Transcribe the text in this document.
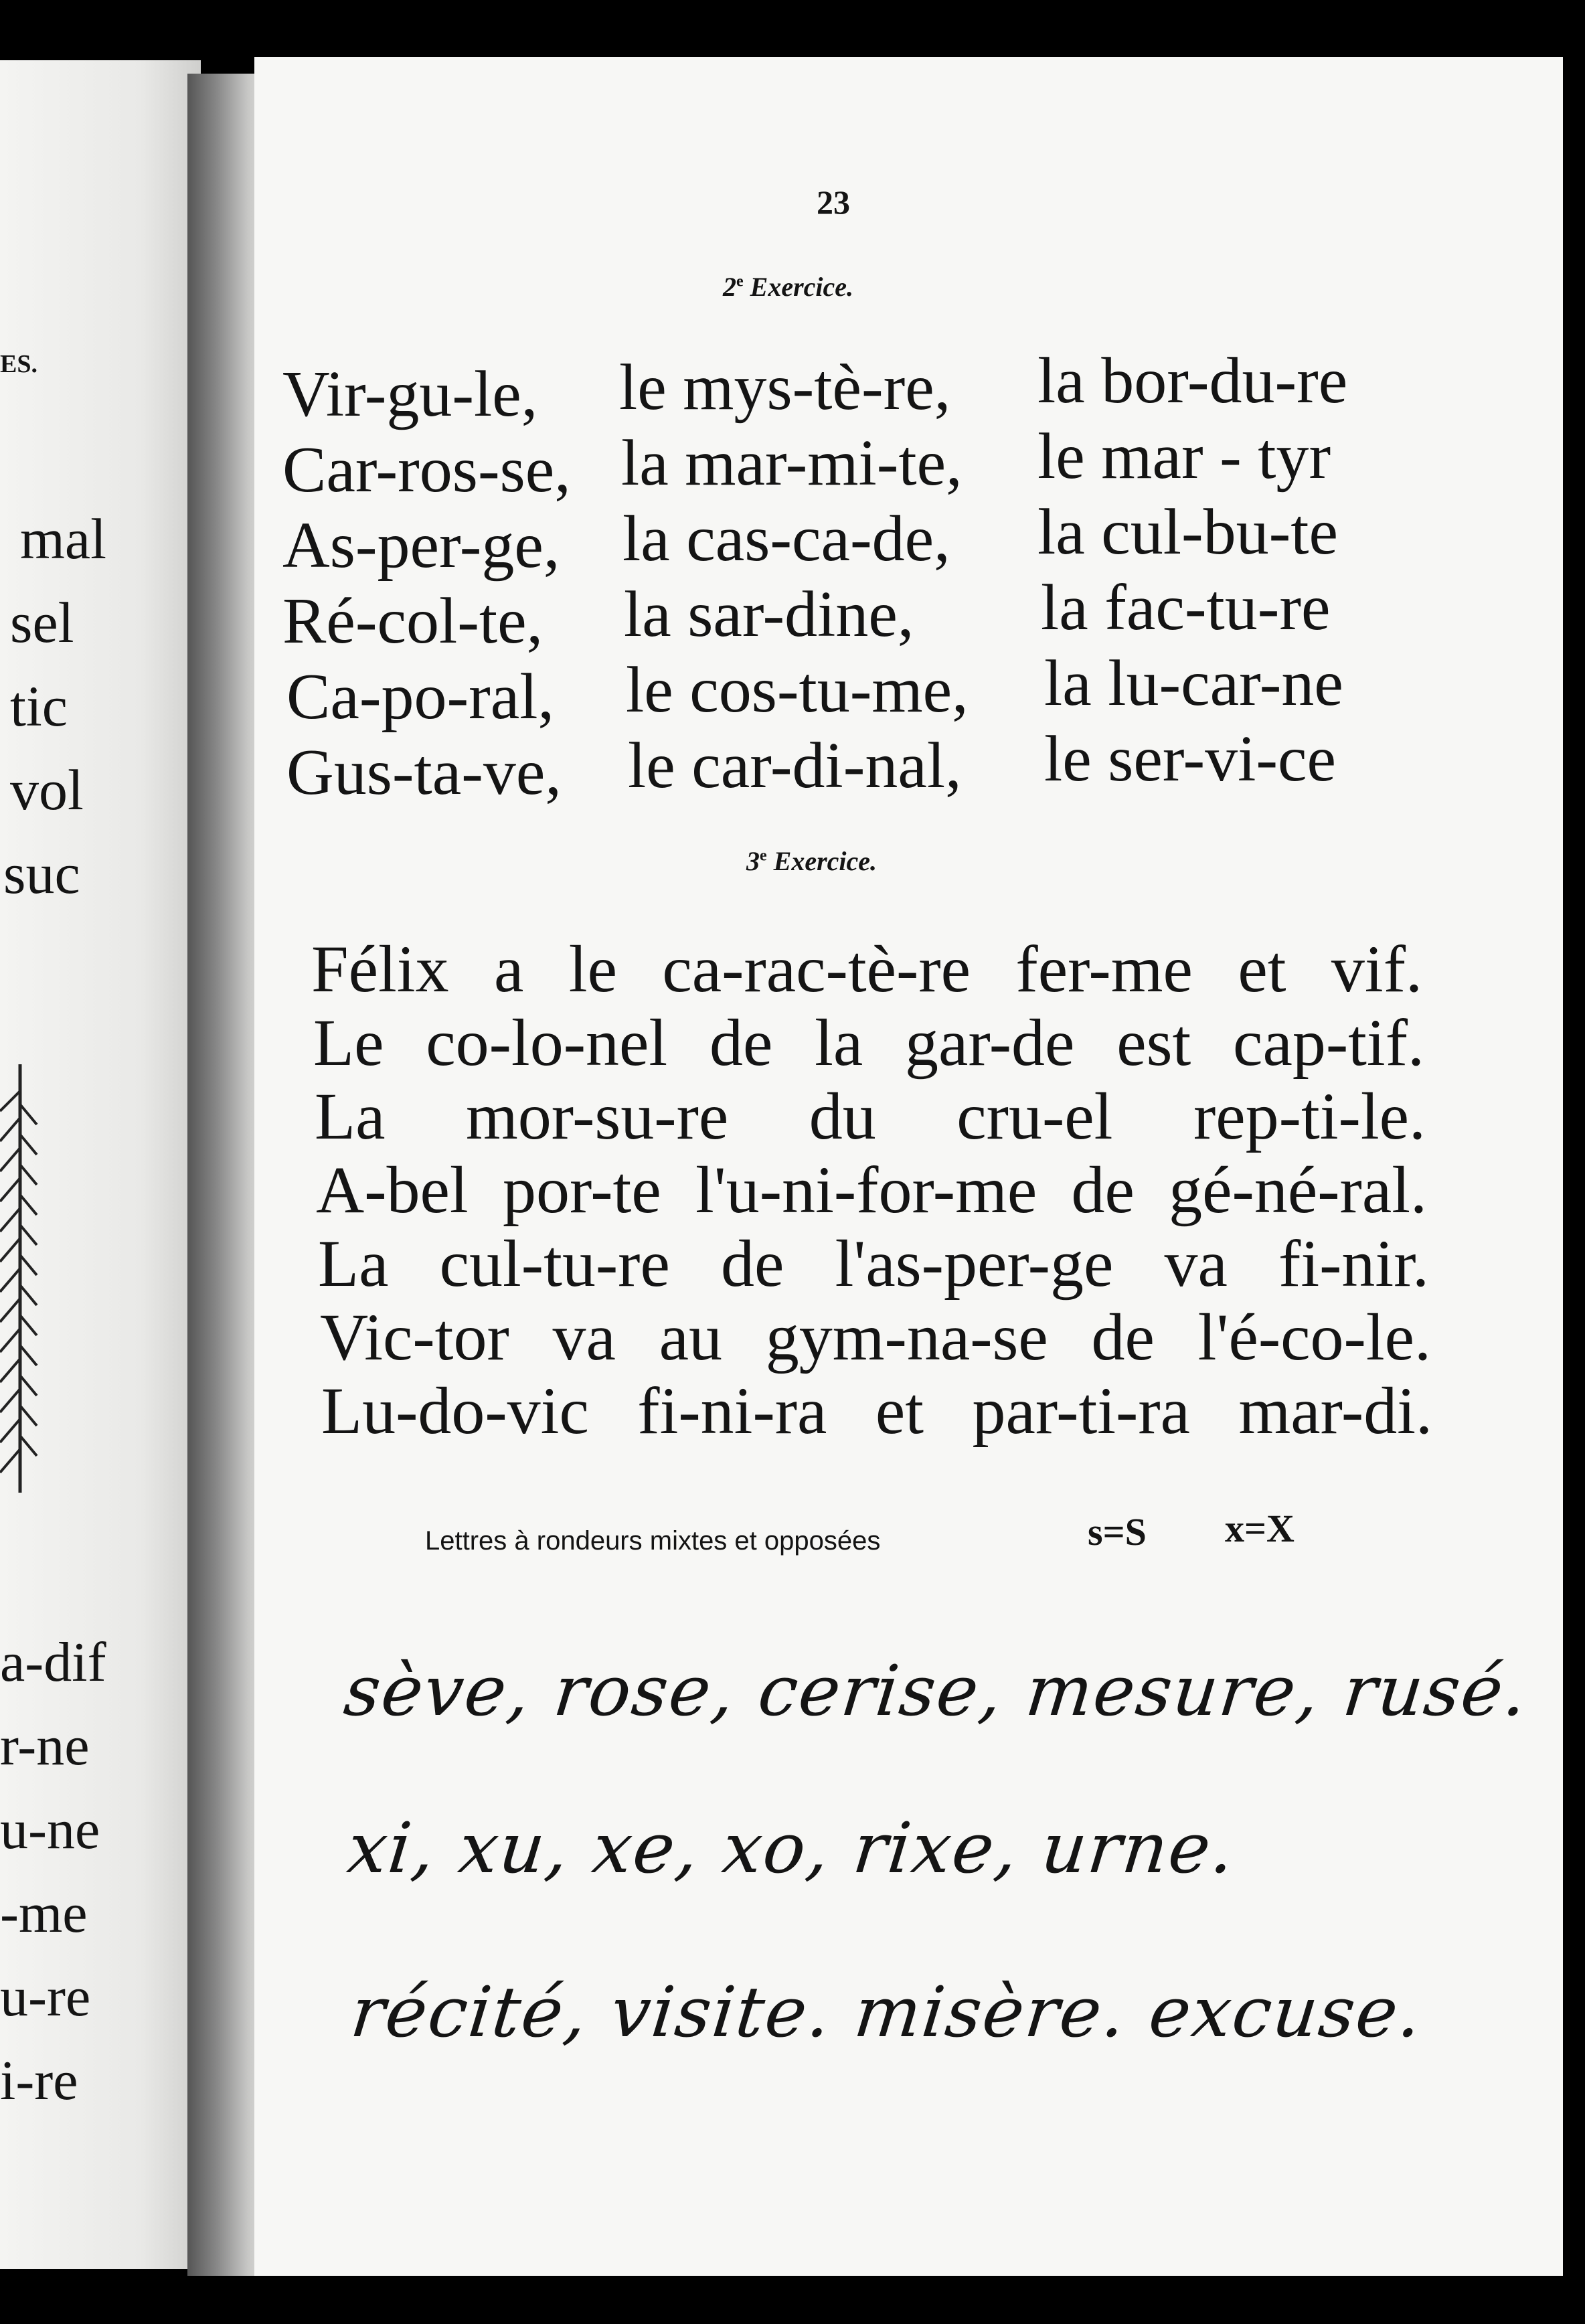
ES.
mal
sel
tic
vol
suc
a-dif
r-ne
u-ne
-me
u-re
i-re
23
2e Exercice.
Vir-gu-le, le mys-tè-re, la bor-du-re
Car-ros-se, la mar-mi-te, le mar - tyr
As-per-ge, la cas-ca-de, la cul-bu-te
Ré-col-te, la sar-dine, la fac-tu-re
Ca-po-ral, le cos-tu-me, la lu-car-ne
Gus-ta-ve, le car-di-nal, le ser-vi-ce
3e Exercice.
Félix a le ca-rac-tè-re fer-me et vif.
Le co-lo-nel de la gar-de est cap-tif.
La mor-su-re du cru-el rep-ti-le.
A-bel por-te l'u-ni-for-me de gé-né-ral.
La cul-tu-re de l'as-per-ge va fi-nir.
Vic-tor va au gym-na-se de l'é-co-le.
Lu-do-vic fi-ni-ra et par-ti-ra mar-di.
Lettres à rondeurs mixtes et opposées	s=S x=X
sève, rose, cerise, mesure, rusé.
xi, xu, xe, xo, rixe, urne.
récité, visite. misère. excuse.
